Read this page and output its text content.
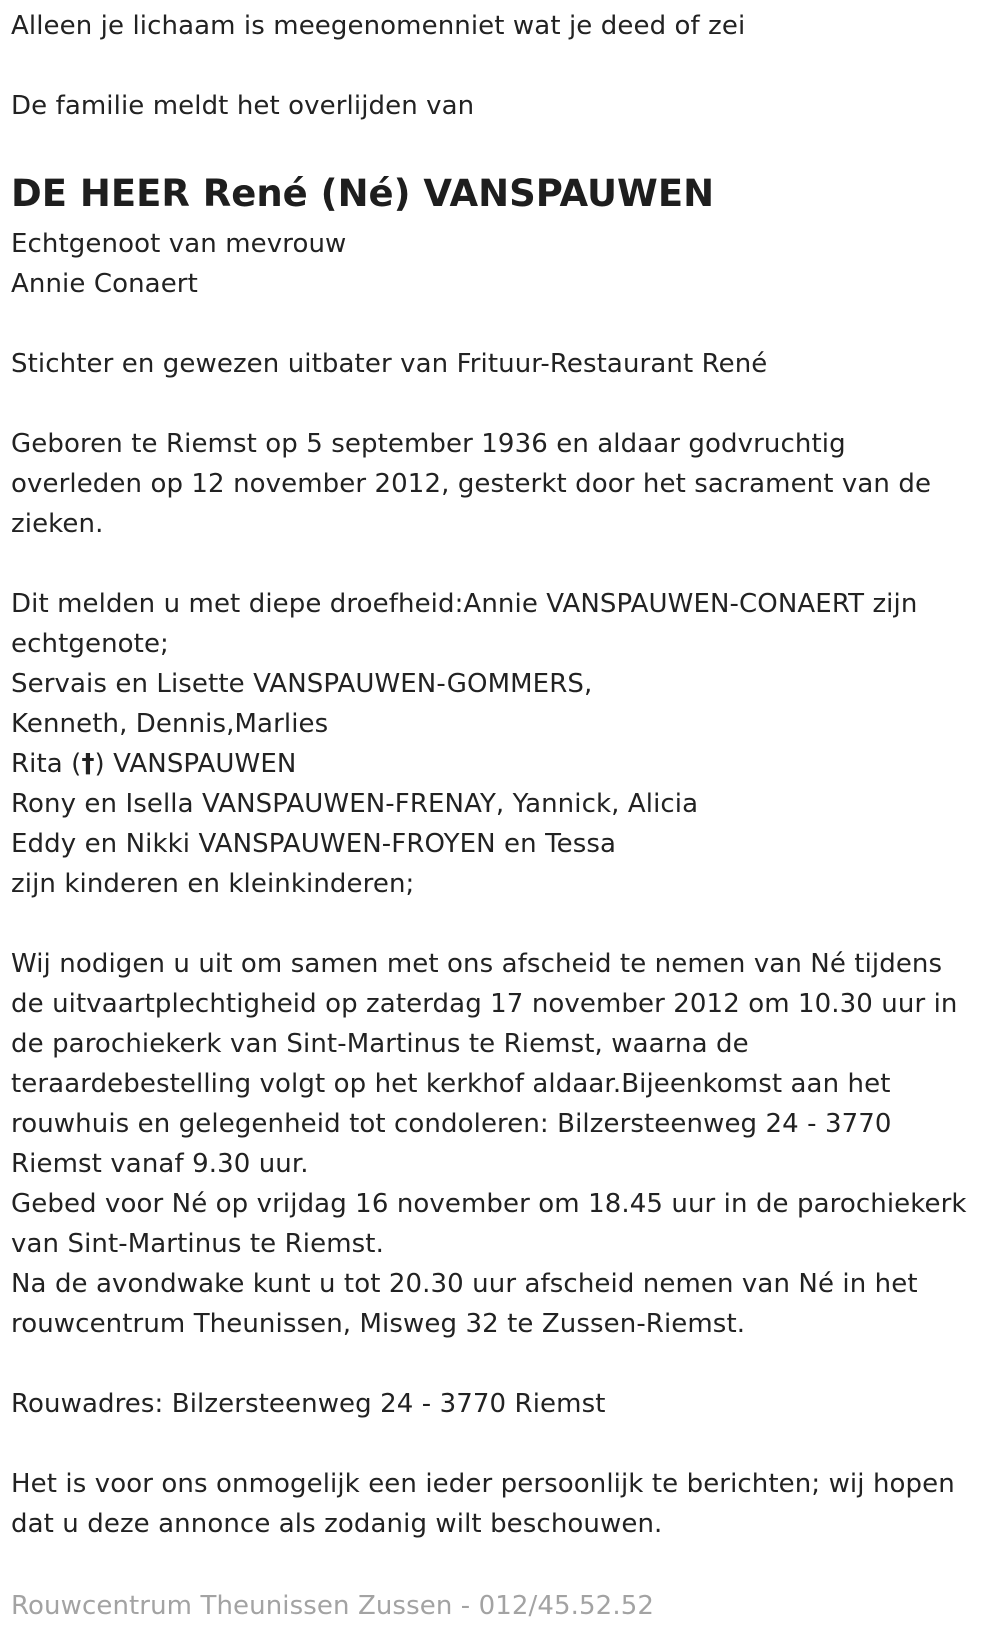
Alleen je lichaam is meegenomenniet wat je deed of zei

De familie meldt het overlijden van

DE HEER René (Né) VANSPAUWEN

Echtgenoot van mevrouw

Annie Conaert

Stichter en gewezen uitbater van Frituur-Restaurant René

Geboren te Riemst op 5 september 1936 en aldaar godvruchtig

overleden op 12 november 2012, gesterkt door het sacrament van de

zieken.

Dit melden u met diepe droefheid:Annie VANSPAUWEN-CONAERT zijn

echtgenote;

Servais en Lisette VANSPAUWEN-GOMMERS,

Kenneth, Dennis,Marlies

Rita (†) VANSPAUWEN

Rony en Isella VANSPAUWEN-FRENAY, Yannick, Alicia

Eddy en Nikki VANSPAUWEN-FROYEN en Tessa

zijn kinderen en kleinkinderen;

Wij nodigen u uit om samen met ons afscheid te nemen van Né tijdens

de uitvaartplechtigheid op zaterdag 17 november 2012 om 10.30 uur in

de parochiekerk van Sint-Martinus te Riemst, waarna de

teraardebestelling volgt op het kerkhof aldaar.Bijeenkomst aan het

rouwhuis en gelegenheid tot condoleren: Bilzersteenweg 24 - 3770

Riemst vanaf 9.30 uur.

Gebed voor Né op vrijdag 16 november om 18.45 uur in de parochiekerk

van Sint-Martinus te Riemst.

Na de avondwake kunt u tot 20.30 uur afscheid nemen van Né in het

rouwcentrum Theunissen, Misweg 32 te Zussen-Riemst.

Rouwadres: Bilzersteenweg 24 - 3770 Riemst

Het is voor ons onmogelijk een ieder persoonlijk te berichten; wij hopen

dat u deze annonce als zodanig wilt beschouwen.

Rouwcentrum Theunissen Zussen - 012/45.52.52
